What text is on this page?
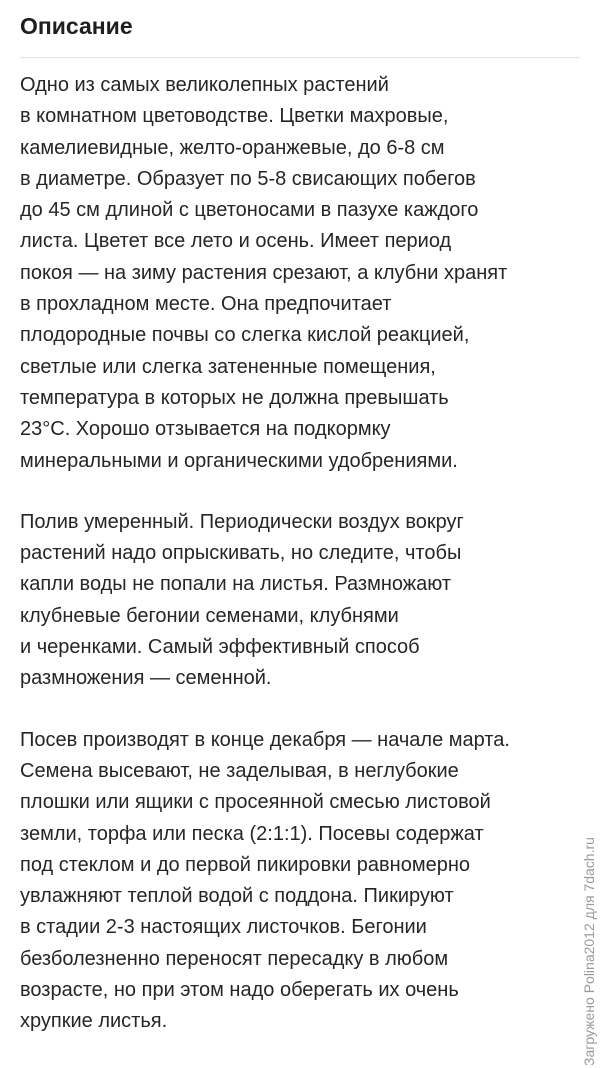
Описание

Одно из самых великолепных растений
в комнатном цветоводстве. Цветки махровые,
камелиевидные, желто-оранжевые, до 6-8 см
в диаметре. Образует по 5-8 свисающих побегов
до 45 см длиной с цветоносами в пазухе каждого
листа. Цветет все лето и осень. Имеет период
покоя — на зиму растения срезают, а клубни хранят
в прохладном месте. Она предпочитает
плодородные почвы со слегка кислой реакцией,
светлые или слегка затененные помещения,
температура в которых не должна превышать
23°С. Хорошо отзывается на подкормку
минеральными и органическими удобрениями.

Полив умеренный. Периодически воздух вокруг
растений надо опрыскивать, но следите, чтобы
капли воды не попали на листья. Размножают
клубневые бегонии семенами, клубнями
и черенками. Самый эффективный способ
размножения — семенной.

Посев производят в конце декабря — начале марта.
Семена высевают, не заделывая, в неглубокие
плошки или ящики с просеянной смесью листовой
земли, торфа или песка (2:1:1). Посевы содержат
под стеклом и до первой пикировки равномерно
увлажняют теплой водой с поддона. Пикируют
в стадии 2-3 настоящих листочков. Бегонии
безболезненно переносят пересадку в любом
возрасте, но при этом надо оберегать их очень
хрупкие листья.	Загружено Polina2012 для 7dach.ru
